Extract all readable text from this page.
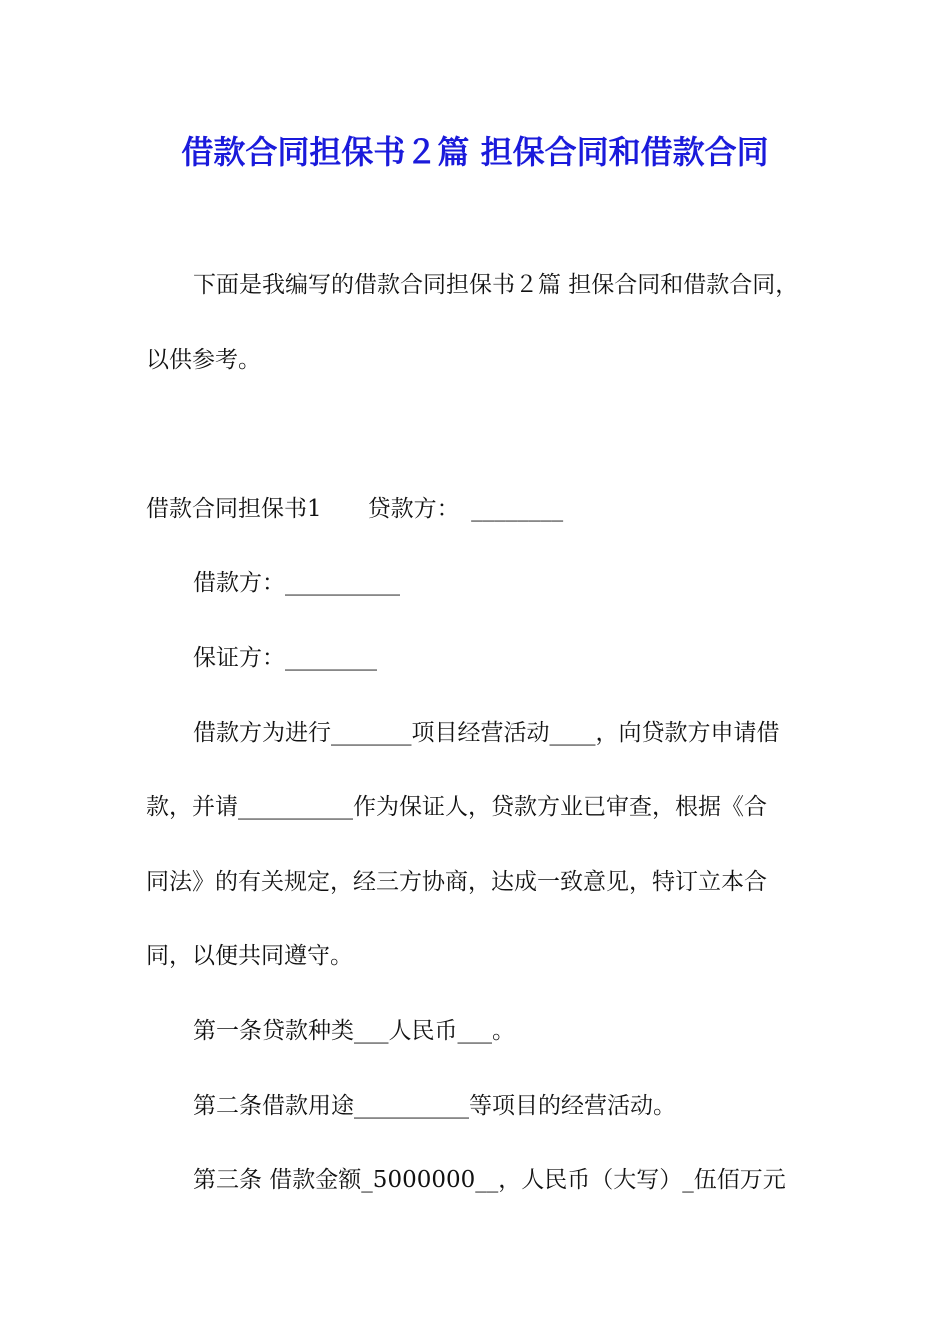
借款合同担保书２篇 担保合同和借款合同
下面是我编写的借款合同担保书２篇 担保合同和借款合同，
以供参考。
借款合同担保书1　　贷款方：　________
借款方：__________
保证方：________
借款方为进行_______项目经营活动____，向贷款方申请借
款，并请__________作为保证人，贷款方业已审查，根据《合
同法》的有关规定，经三方协商，达成一致意见，特订立本合
同，以便共同遵守。
第一条贷款种类___人民币___。
第二条借款用途__________等项目的经营活动。
第三条 借款金额_5000000__，人民币（大写）_伍佰万元
